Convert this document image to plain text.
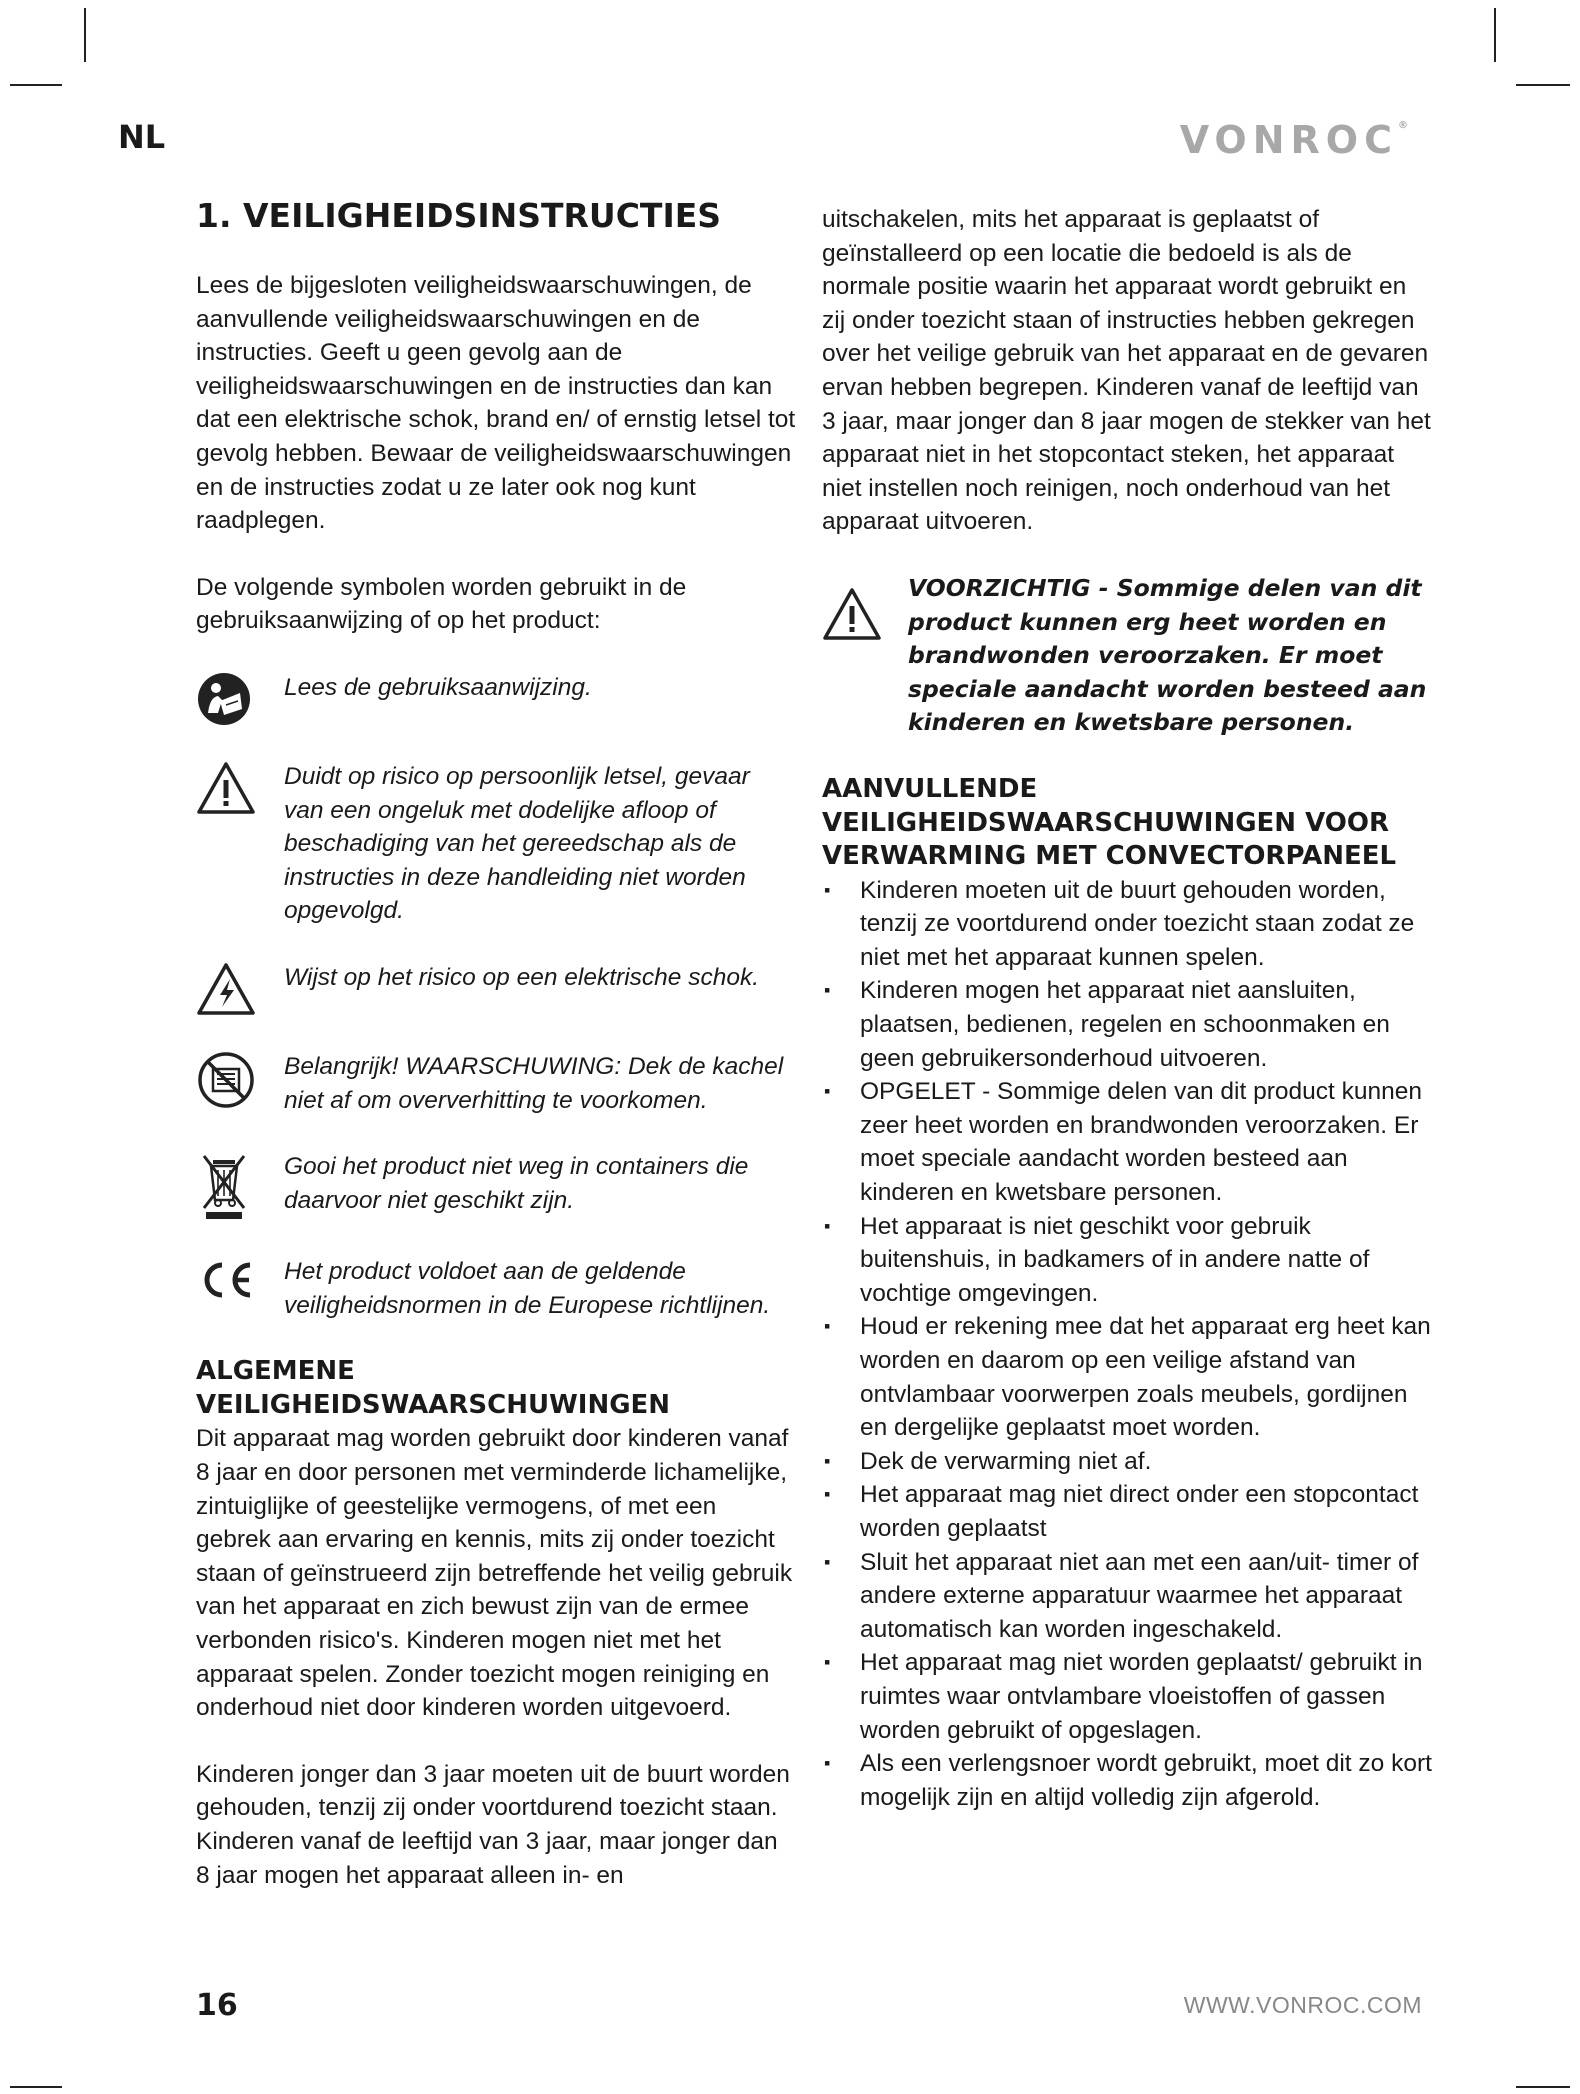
NL	VONROC®

1. VEILIGHEIDSINSTRUCTIES

Lees de bijgesloten veiligheidswaarschuwingen, de aanvullende veiligheidswaarschuwingen en de instructies. Geeft u geen gevolg aan de veiligheidswaarschuwingen en de instructies dan kan dat een elektrische schok, brand en/ of ernstig letsel tot gevolg hebben. Bewaar de veiligheidswaarschuwingen en de instructies zodat u ze later ook nog kunt raadplegen.

De volgende symbolen worden gebruikt in de gebruiksaanwijzing of op het product:

Lees de gebruiksaanwijzing.
Duidt op risico op persoonlijk letsel, gevaar van een ongeluk met dodelijke afloop of beschadiging van het gereedschap als de instructies in deze handleiding niet worden opgevolgd.
Wijst op het risico op een elektrische schok.
Belangrijk! WAARSCHUWING: Dek de kachel niet af om oververhitting te voorkomen.
Gooi het product niet weg in containers die daarvoor niet geschikt zijn.
Het product voldoet aan de geldende veiligheidsnormen in de Europese richtlijnen.

ALGEMENE VEILIGHEIDSWAARSCHUWINGEN

Dit apparaat mag worden gebruikt door kinderen vanaf 8 jaar en door personen met verminderde lichamelijke, zintuiglijke of geestelijke vermogens, of met een gebrek aan ervaring en kennis, mits zij onder toezicht staan of geïnstrueerd zijn betreffende het veilig gebruik van het apparaat en zich bewust zijn van de ermee verbonden risico's. Kinderen mogen niet met het apparaat spelen. Zonder toezicht mogen reiniging en onderhoud niet door kinderen worden uitgevoerd.

Kinderen jonger dan 3 jaar moeten uit de buurt worden gehouden, tenzij zij onder voortdurend toezicht staan.

Kinderen vanaf de leeftijd van 3 jaar, maar jonger dan 8 jaar mogen het apparaat alleen in- en

uitschakelen, mits het apparaat is geplaatst of geïnstalleerd op een locatie die bedoeld is als de normale positie waarin het apparaat wordt gebruikt en zij onder toezicht staan of instructies hebben gekregen over het veilige gebruik van het apparaat en de gevaren ervan hebben begrepen. Kinderen vanaf de leeftijd van 3 jaar, maar jonger dan 8 jaar mogen de stekker van het apparaat niet in het stopcontact steken, het apparaat niet instellen noch reinigen, noch onderhoud van het apparaat uitvoeren.

VOORZICHTIG - Sommige delen van dit product kunnen erg heet worden en brandwonden veroorzaken. Er moet speciale aandacht worden besteed aan kinderen en kwetsbare personen.

AANVULLENDE VEILIGHEIDSWAARSCHUWINGEN VOOR VERWARMING MET CONVECTORPANEEL

▪ Kinderen moeten uit de buurt gehouden worden, tenzij ze voortdurend onder toezicht staan zodat ze niet met het apparaat kunnen spelen.
▪ Kinderen mogen het apparaat niet aansluiten, plaatsen, bedienen, regelen en schoonmaken en geen gebruikersonderhoud uitvoeren.
▪ OPGELET - Sommige delen van dit product kunnen zeer heet worden en brandwonden veroorzaken. Er moet speciale aandacht worden besteed aan kinderen en kwetsbare personen.
▪ Het apparaat is niet geschikt voor gebruik buitenshuis, in badkamers of in andere natte of vochtige omgevingen.
▪ Houd er rekening mee dat het apparaat erg heet kan worden en daarom op een veilige afstand van ontvlambaar voorwerpen zoals meubels, gordijnen en dergelijke geplaatst moet worden.
▪ Dek de verwarming niet af.
▪ Het apparaat mag niet direct onder een stopcontact worden geplaatst
▪ Sluit het apparaat niet aan met een aan/uit- timer of andere externe apparatuur waarmee het apparaat automatisch kan worden ingeschakeld.
▪ Het apparaat mag niet worden geplaatst/ gebruikt in ruimtes waar ontvlambare vloeistoffen of gassen worden gebruikt of opgeslagen.
▪ Als een verlengsnoer wordt gebruikt, moet dit zo kort mogelijk zijn en altijd volledig zijn afgerold.
16	WWW.VONROC.COM
